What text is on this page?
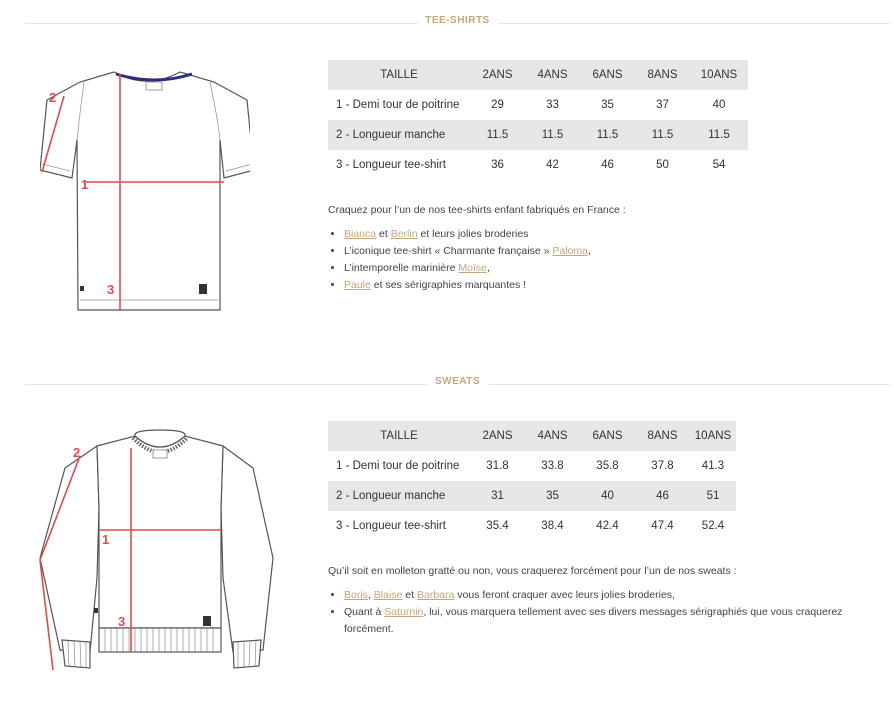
TEE-SHIRTS
1
2
3
TAILLE	2ANS	4ANS	6ANS	8ANS	10ANS
1 - Demi tour de poitrine	29	33	35	37	40
2 - Longueur manche	11.5	11.5	11.5	11.5	11.5
3 - Longueur tee-shirt	36	42	46	50	54

Craquez pour l’un de nos tee-shirts enfant fabriqués en France :

• Bianca et Berlin et leurs jolies broderies
• L’iconique tee-shirt « Charmante française » Paloma,
• L’intemporelle marinière Moïse,
• Paule et ses sérigraphies marquantes !
SWEATS
1
2
3
TAILLE	2ANS	4ANS	6ANS	8ANS	10ANS
1 - Demi tour de poitrine	31.8	33.8	35.8	37.8	41.3
2 - Longueur manche	31	35	40	46	51
3 - Longueur tee-shirt	35.4	38.4	42.4	47.4	52.4

Qu’il soit en molleton gratté ou non, vous craquerez forcément pour l’un de nos sweats :

• Boris, Blaise et Barbara vous feront craquer avec leurs jolies broderies,
• Quant à Saturnin, lui, vous marquera tellement avec ses divers messages sérigraphiés que vous craquerez forcément.
